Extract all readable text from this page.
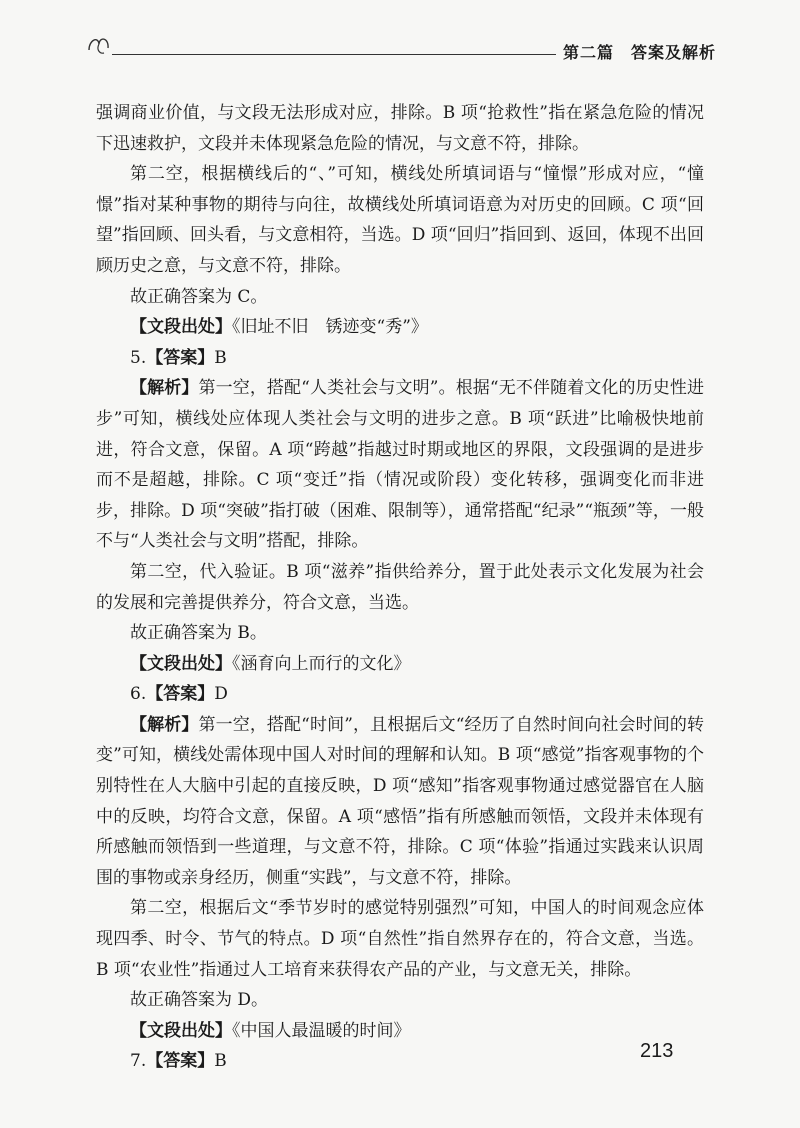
第二篇　答案及解析

强调商业价值，与文段无法形成对应，排除。B 项“抢救性”指在紧急危险的情况下迅速救护，文段并未体现紧急危险的情况，与文意不符，排除。

第二空，根据横线后的“、”可知，横线处所填词语与“憧憬”形成对应，“憧憬”指对某种事物的期待与向往，故横线处所填词语意为对历史的回顾。C 项“回望”指回顾、回头看，与文意相符，当选。D 项“回归”指回到、返回，体现不出回顾历史之意，与文意不符，排除。

故正确答案为 C。

【文段出处】《旧址不旧　锈迹变“秀”》

5.【答案】B

【解析】第一空，搭配“人类社会与文明”。根据“无不伴随着文化的历史性进步”可知，横线处应体现人类社会与文明的进步之意。B 项“跃进”比喻极快地前进，符合文意，保留。A 项“跨越”指越过时期或地区的界限，文段强调的是进步而不是超越，排除。C 项“变迁”指（情况或阶段）变化转移，强调变化而非进步，排除。D 项“突破”指打破（困难、限制等），通常搭配“纪录”“瓶颈”等，一般不与“人类社会与文明”搭配，排除。

第二空，代入验证。B 项“滋养”指供给养分，置于此处表示文化发展为社会的发展和完善提供养分，符合文意，当选。

故正确答案为 B。

【文段出处】《涵育向上而行的文化》

6.【答案】D

【解析】第一空，搭配“时间”，且根据后文“经历了自然时间向社会时间的转变”可知，横线处需体现中国人对时间的理解和认知。B 项“感觉”指客观事物的个别特性在人大脑中引起的直接反映，D 项“感知”指客观事物通过感觉器官在人脑中的反映，均符合文意，保留。A 项“感悟”指有所感触而领悟，文段并未体现有所感触而领悟到一些道理，与文意不符，排除。C 项“体验”指通过实践来认识周围的事物或亲身经历，侧重“实践”，与文意不符，排除。

第二空，根据后文“季节岁时的感觉特别强烈”可知，中国人的时间观念应体现四季、时令、节气的特点。D 项“自然性”指自然界存在的，符合文意，当选。B 项“农业性”指通过人工培育来获得农产品的产业，与文意无关，排除。

故正确答案为 D。

【文段出处】《中国人最温暖的时间》

7.【答案】B	213
